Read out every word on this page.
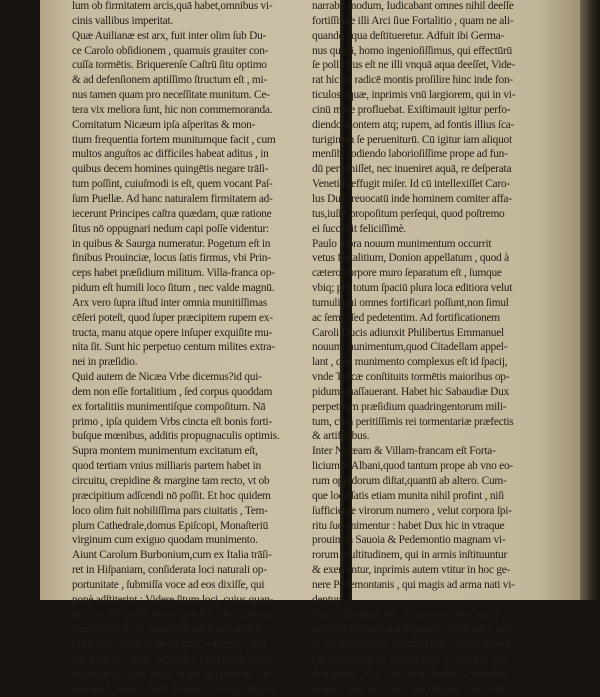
lum ob firmitatem arcis,quā habet,omnibus vi-
cinis vallibus imperitat.
Quæ Auilianæ est arx, fuit inter olim ſub Du-
ce Carolo obſidionem , quamuis grauiter con-
cuſſa tormētis. Briquerenſe Caſtrū ſitu optimo
& ad defenſionem aptiſſimo ſtructum eſt , mi-
nus tamen quam pro neceſſitate munitum. Ce-
tera vix meliora ſunt, hic non commemoranda.
Comitatum Nicæum ipſa aſperitas & mon-
tium frequentia fortem munitumque facit , cum
multos anguſtos ac difficiles habeat aditus , in
quibus decem homines quingētis negare trāſi-
tum poſſint, cuiuſmodi is eſt, quem vocant Paſ-
ſum Puellæ. Ad hanc naturalem firmitatem ad-
iecerunt Principes caſtra quædam, quæ ratione
ſitus nō oppugnari nedum capi poſſe videntur:
in quibus & Saurga numeratur. Pogetum eſt in
finibus Prouinciæ, locus ſatis firmus, vbi Prin-
ceps habet præſidium militum. Villa-franca op-
pidum eſt humili loco ſitum , nec valde magnū.
Arx vero ſupra iſtud inter omnia munitiſſimas
cēſeri poteſt, quod ſuper præcipitem rupem ex-
tructa, manu atque opere inſuper exquiſite mu-
nita ſit. Sunt hic perpetuo centum milites extra-
nei in præſidio.
Quid autem de Nicæa Vrbe dicemus?id qui-
dem non eſſe fortalitium , ſed corpus quoddam
ex fortalitiis munimentiſque compoſitum. Nā
primo , ipſa quidem Vrbs cincta eſt bonis forti-
buſque mœnibus, additis propugnaculis optimis.
Supra montem munimentum excitatum eſt,
quod tertiam vnius milliaris partem habet in
circuitu, crepidine & margine tam recto, vt ob
præcipitium adſcendi nō poſſit. Et hoc quidem
loco olim fuit nobiliſſima pars ciuitatis , Tem-
plum Cathedrale,domus Epiſcopi, Monaſteriū
virginum cum exiguo quodam munimento.
Aiunt Carolum Burbonium,cum ex Italia trāſi-
ret in Hiſpaniam, conſiderata loci naturali op-
portunitate , ſubmiſſa voce ad eos dixiſſe, qui
ponè adſtiterint : Videre ſitum loci, cuius quan-
tus vlus eſſe poſſit nemo agnoſcit? Ibi Guberna-
torem triremis in quauehebatur Burbonius,ex-
cepta hæc verba Principi ſuo ( erat enim ciuis
Nicæenſis) Carolo Sabaudiæ Duci retuliſſe,qui
eo profectus,cum &ipſe ſitum loci preſſius con-
ſideraſſet, iuſſerit illum ſumma cura atq; diligen-
narrabo modum, Iudicabant omnes nihil deeſſe
fortiſſimæ illi Arci ſiue Fortalitio , quam ne ali-
quando aqua deſtitueretur. Adfuit ibi Germa-
nus quidā, homo ingenioſiſſimus, qui effectūrū
ſe pollicitus eſt ne illi vnquā aqua deeſſet, Vide-
rat hic ad radicē montis proſilire hinc inde fon-
ticulos aquæ, inprimis vnū largiorem, qui in vi-
cinū mare profluebat. Exiſtimauit igitur perfo-
diendo montem atq; rupem, ad fontis illius ſca-
turiginem ſe perueniturū. Cū igitur iam aliquot
menſib. fodiendo laborioſiſſime prope ad fun-
dū perueniſſet, nec inueniret aquā, re deſperata
Venetias effugit miſer. Id cū intellexiſſet Caro-
lus Dux, reuocatū inde hominem comiter affa-
tus,iuſſit propoſitum perſequi, quod poſtremo
ei ſucceſſit feliciſſimè.
Paulo ſupra nouum munimentum occurrit
vetus fortalitium, Donion appellatum , quod à
cætero corpore muro ſeparatum eſt , ſumque
vbiq; per totum ſpaciū plura loca editiora velut
tumuli,qui omnes fortificari poſſunt,non ſimul
ac ſemel ſed pedetentim. Ad fortificationem
Caroli Ducis adiunxit Philibertus Emmanuel
nouum munimentum,quod Citadellam appel-
lant , quo munimento complexus eſt id ſpacij,
vnde Turcæ conſtituits tormētis maioribus op-
pidum quaſſauerant. Habet hic Sabaudiæ Dux
perpetuum præſidium quadringentorum mili-
tum, cum peritiſſimis rei tormentariæ præfectis
& artificibus.
Inter Nicæam & Villam-francam eſt Forta-
licium S.Albani,quod tantum prope ab vno eo-
rum oppidorum diſtat,quantū ab altero. Cum-
que loca ſatis etiam munita nihil profint , niſi
ſufficiente virorum numero , velut corpora ſpi-
ritu ſuo animentur : habet Dux hic in vtraque
prouincia Sauoia & Pedemontio magnam vi-
rorum multitudinem, qui in armis inſtituuntur
& exercentur, inprimis autem vtitur in hoc ge-
nere Pedemontanis , qui magis ad arma nati vi-
dentur.
Nunc videndum eſt , de quorum Principum
amicitia dubitare,aut à quorum vi metuere poſ-
ſit Sabaudiæ Dux. Primum non videtur habere
cauſam metuendi aliquid mali ab Ducatu Me-
diolanenſi , ob a ctum illud fœdus & neceſſitu-
dinem , quæ ipſi cum rege Hiſpano intercedit.
